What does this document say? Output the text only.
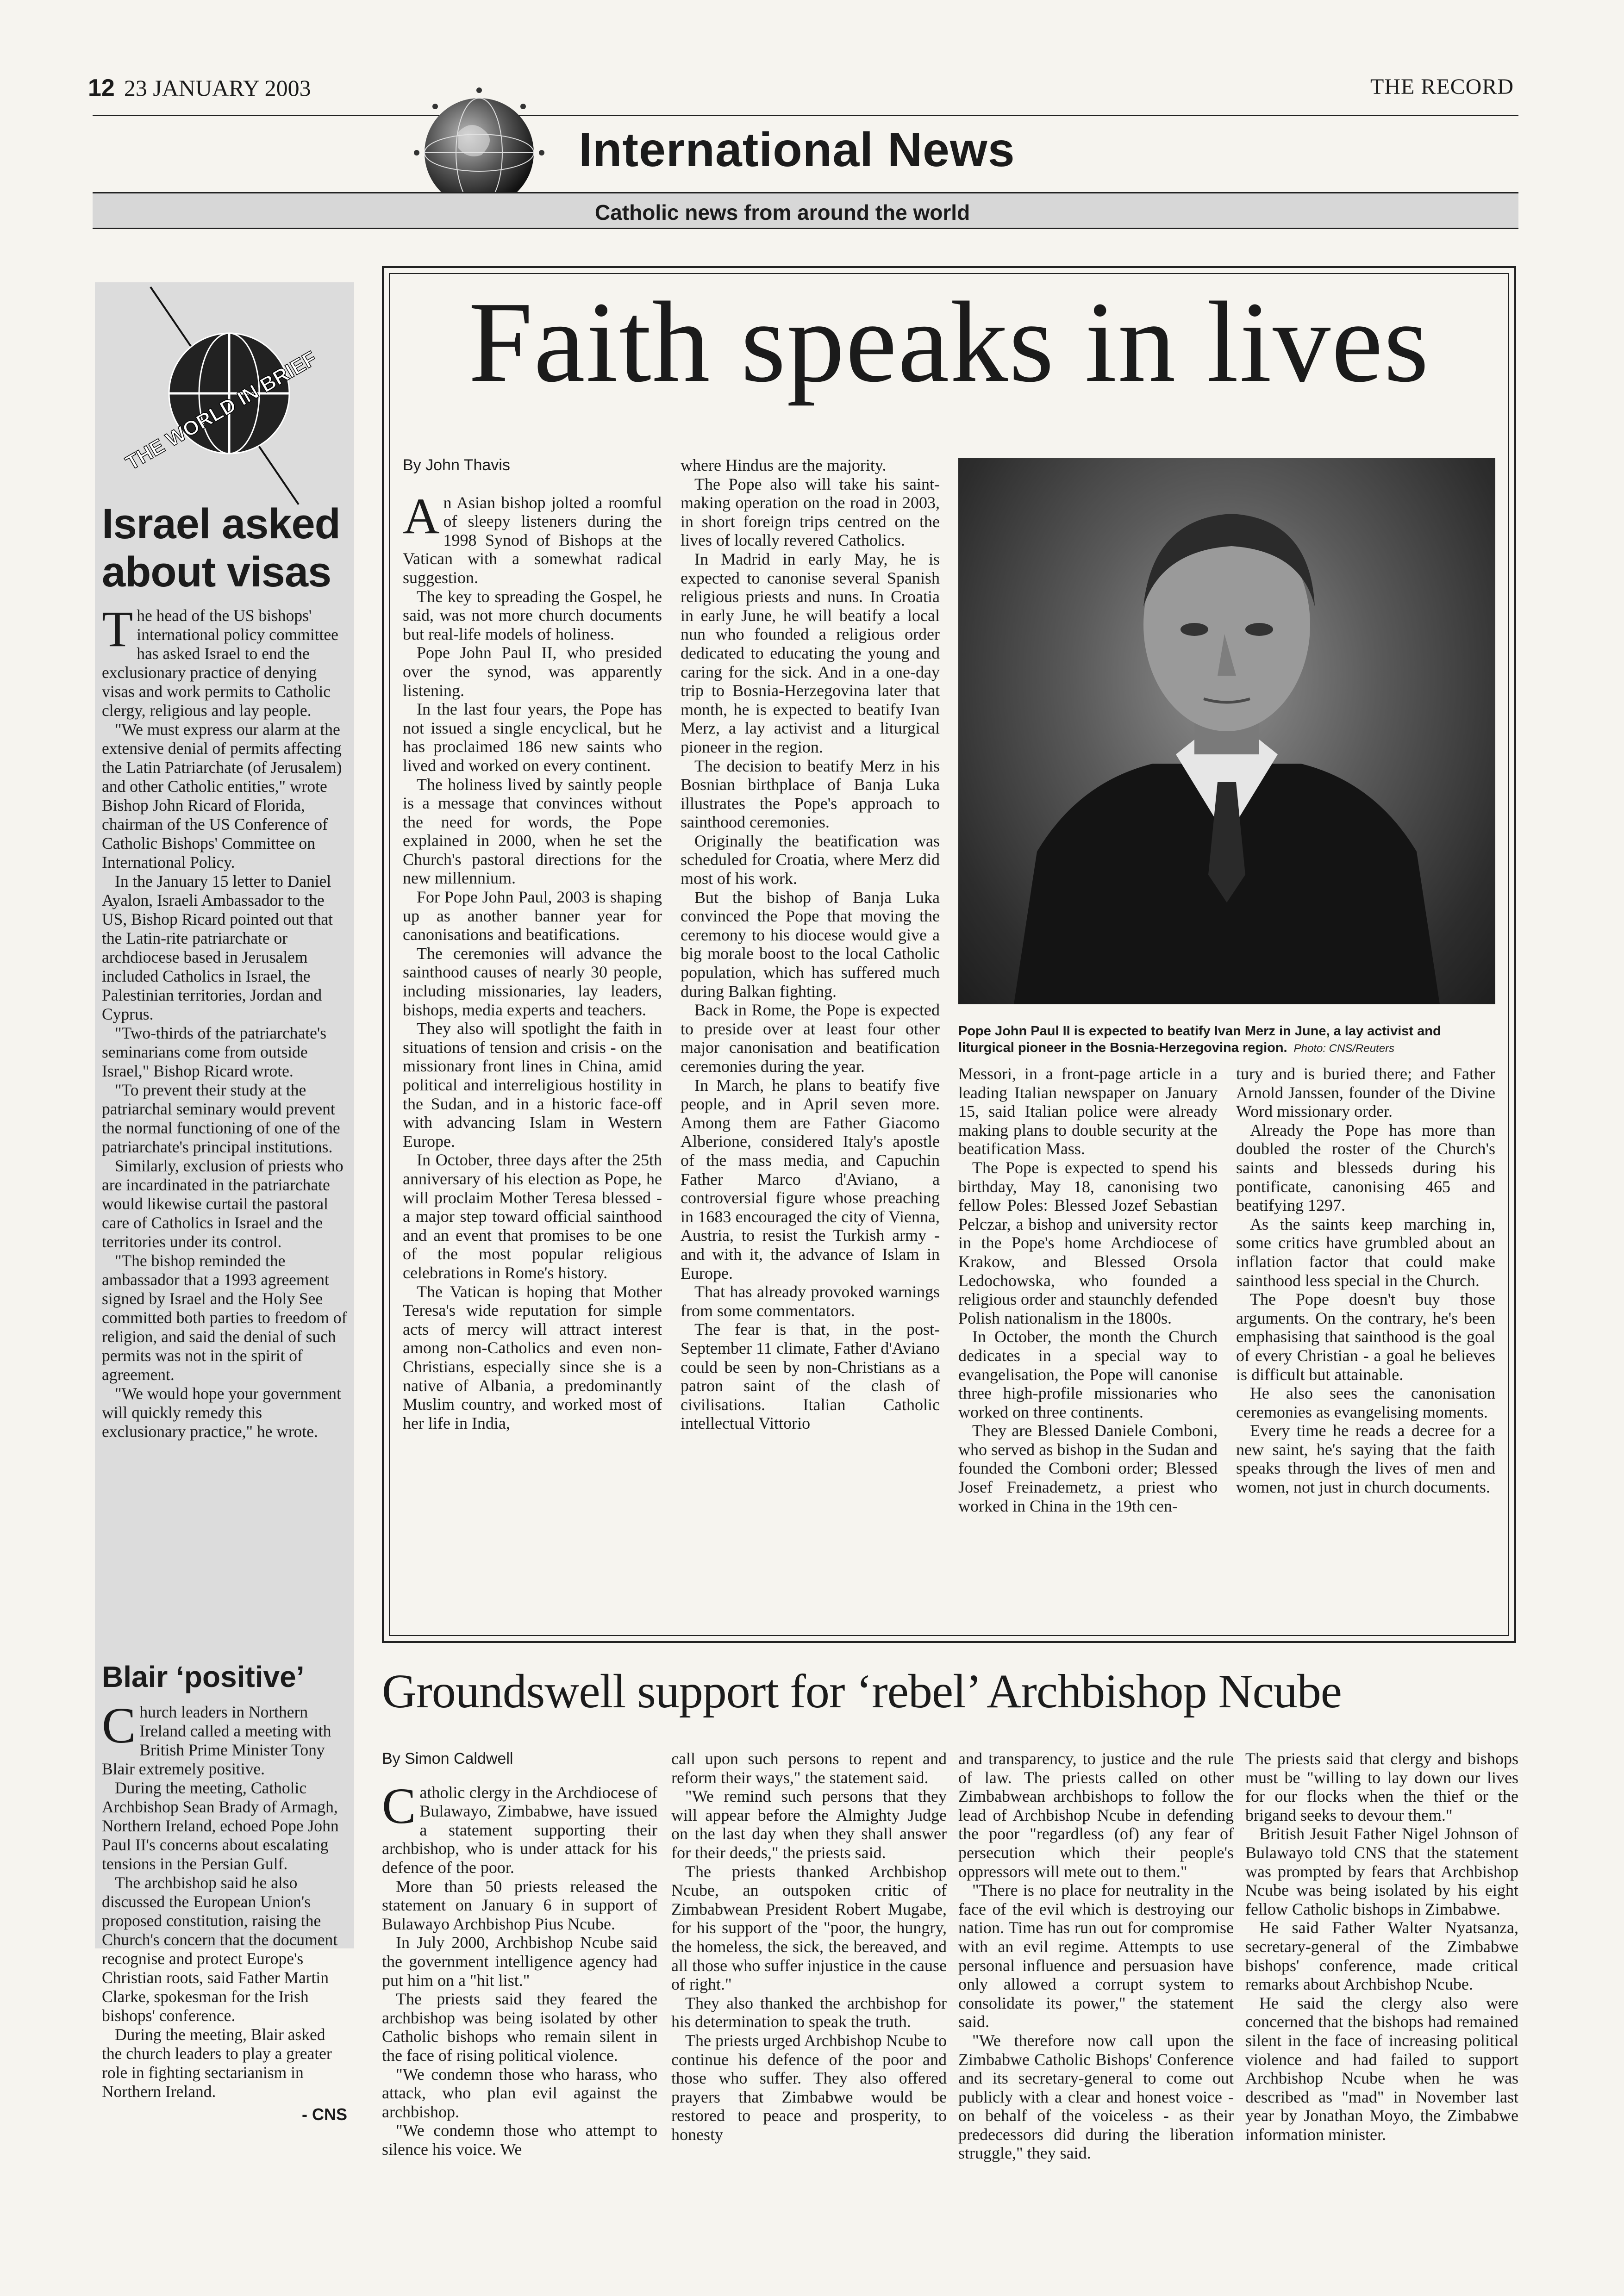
12 23 JANUARY 2003	THE RECORD
International News
Catholic news from around the world
THE WORLD IN BRIEF
Israel asked about visas

The head of the US bishops' international policy committee has asked Israel to end the exclusionary practice of denying visas and work permits to Catholic clergy, religious and lay people.

"We must express our alarm at the extensive denial of permits affecting the Latin Patriarchate (of Jerusalem) and other Catholic entities," wrote Bishop John Ricard of Florida, chairman of the US Conference of Catholic Bishops' Committee on International Policy.

In the January 15 letter to Daniel Ayalon, Israeli Ambassador to the US, Bishop Ricard pointed out that the Latin-rite patriarchate or archdiocese based in Jerusalem included Catholics in Israel, the Palestinian territories, Jordan and Cyprus.

"Two-thirds of the patriarchate's seminarians come from outside Israel," Bishop Ricard wrote.

"To prevent their study at the patriarchal seminary would prevent the normal functioning of one of the patriarchate's principal institutions.

Similarly, exclusion of priests who are incardinated in the patriarchate would likewise curtail the pastoral care of Catholics in Israel and the territories under its control.

"The bishop reminded the ambassador that a 1993 agreement signed by Israel and the Holy See committed both parties to freedom of religion, and said the denial of such permits was not in the spirit of agreement.

"We would hope your government will quickly remedy this exclusionary practice," he wrote.

Blair ‘positive’

Church leaders in Northern Ireland called a meeting with British Prime Minister Tony Blair extremely positive.

During the meeting, Catholic Archbishop Sean Brady of Armagh, Northern Ireland, echoed Pope John Paul II's concerns about escalating tensions in the Persian Gulf.

The archbishop said he also discussed the European Union's proposed constitution, raising the Church's concern that the document recognise and protect Europe's Christian roots, said Father Martin Clarke, spokesman for the Irish bishops' conference.

During the meeting, Blair asked the church leaders to play a greater role in fighting sectarianism in Northern Ireland.

- CNS
Faith speaks in lives
By John Thavis

An Asian bishop jolted a roomful of sleepy listeners during the 1998 Synod of Bishops at the Vatican with a somewhat radical suggestion.

The key to spreading the Gospel, he said, was not more church documents but real-life models of holiness.

Pope John Paul II, who presided over the synod, was apparently listening.

In the last four years, the Pope has not issued a single encyclical, but he has proclaimed 186 new saints who lived and worked on every continent.

The holiness lived by saintly people is a message that convinces without the need for words, the Pope explained in 2000, when he set the Church's pastoral directions for the new millennium.

For Pope John Paul, 2003 is shaping up as another banner year for canonisations and beatifications.

The ceremonies will advance the sainthood causes of nearly 30 people, including missionaries, lay leaders, bishops, media experts and teachers.

They also will spotlight the faith in situations of tension and crisis - on the missionary front lines in China, amid political and interreligious hostility in the Sudan, and in a historic face-off with advancing Islam in Western Europe.

In October, three days after the 25th anniversary of his election as Pope, he will proclaim Mother Teresa blessed - a major step toward official sainthood and an event that promises to be one of the most popular religious celebrations in Rome's history.

The Vatican is hoping that Mother Teresa's wide reputation for simple acts of mercy will attract interest among non-Catholics and even non-Christians, especially since she is a native of Albania, a predominantly Muslim country, and worked most of her life in India,

where Hindus are the majority.

The Pope also will take his saint-making operation on the road in 2003, in short foreign trips centred on the lives of locally revered Catholics.

In Madrid in early May, he is expected to canonise several Spanish religious priests and nuns. In Croatia in early June, he will beatify a local nun who founded a religious order dedicated to educating the young and caring for the sick. And in a one-day trip to Bosnia-Herzegovina later that month, he is expected to beatify Ivan Merz, a lay activist and a liturgical pioneer in the region.

The decision to beatify Merz in his Bosnian birthplace of Banja Luka illustrates the Pope's approach to sainthood ceremonies.

Originally the beatification was scheduled for Croatia, where Merz did most of his work.

But the bishop of Banja Luka convinced the Pope that moving the ceremony to his diocese would give a big morale boost to the local Catholic population, which has suffered much during Balkan fighting.

Back in Rome, the Pope is expected to preside over at least four other major canonisation and beatification ceremonies during the year.

In March, he plans to beatify five people, and in April seven more. Among them are Father Giacomo Alberione, considered Italy's apostle of the mass media, and Capuchin Father Marco d'Aviano, a controversial figure whose preaching in 1683 encouraged the city of Vienna, Austria, to resist the Turkish army - and with it, the advance of Islam in Europe.

That has already provoked warnings from some commentators.

The fear is that, in the post-September 11 climate, Father d'Aviano could be seen by non-Christians as a patron saint of the clash of civilisations. Italian Catholic intellectual Vittorio

Pope John Paul II is expected to beatify Ivan Merz in June, a lay activist and liturgical pioneer in the Bosnia-Herzegovina region. Photo: CNS/Reuters

Messori, in a front-page article in a leading Italian newspaper on January 15, said Italian police were already making plans to double security at the beatification Mass.

The Pope is expected to spend his birthday, May 18, canonising two fellow Poles: Blessed Jozef Sebastian Pelczar, a bishop and university rector in the Pope's home Archdiocese of Krakow, and Blessed Orsola Ledochowska, who founded a religious order and staunchly defended Polish nationalism in the 1800s.

In October, the month the Church dedicates in a special way to evangelisation, the Pope will canonise three high-profile missionaries who worked on three continents.

They are Blessed Daniele Comboni, who served as bishop in the Sudan and founded the Comboni order; Blessed Josef Freinademetz, a priest who worked in China in the 19th cen-

tury and is buried there; and Father Arnold Janssen, founder of the Divine Word missionary order.

Already the Pope has more than doubled the roster of the Church's saints and blesseds during his pontificate, canonising 465 and beatifying 1297.

As the saints keep marching in, some critics have grumbled about an inflation factor that could make sainthood less special in the Church.

The Pope doesn't buy those arguments. On the contrary, he's been emphasising that sainthood is the goal of every Christian - a goal he believes is difficult but attainable.

He also sees the canonisation ceremonies as evangelising moments.

Every time he reads a decree for a new saint, he's saying that the faith speaks through the lives of men and women, not just in church documents.

Groundswell support for ‘rebel’ Archbishop Ncube
By Simon Caldwell

Catholic clergy in the Archdiocese of Bulawayo, Zimbabwe, have issued a statement supporting their archbishop, who is under attack for his defence of the poor.

More than 50 priests released the statement on January 6 in support of Bulawayo Archbishop Pius Ncube.

In July 2000, Archbishop Ncube said the government intelligence agency had put him on a "hit list."

The priests said they feared the archbishop was being isolated by other Catholic bishops who remain silent in the face of rising political violence.

"We condemn those who harass, who attack, who plan evil against the archbishop.

"We condemn those who attempt to silence his voice. We

call upon such persons to repent and reform their ways," the statement said.

"We remind such persons that they will appear before the Almighty Judge on the last day when they shall answer for their deeds," the priests said.

The priests thanked Archbishop Ncube, an outspoken critic of Zimbabwean President Robert Mugabe, for his support of the "poor, the hungry, the homeless, the sick, the bereaved, and all those who suffer injustice in the cause of right."

They also thanked the archbishop for his determination to speak the truth.

The priests urged Archbishop Ncube to continue his defence of the poor and those who suffer. They also offered prayers that Zimbabwe would be restored to peace and prosperity, to honesty

and transparency, to justice and the rule of law. The priests called on other Zimbabwean archbishops to follow the lead of Archbishop Ncube in defending the poor "regardless (of) any fear of persecution which their people's oppressors will mete out to them."

"There is no place for neutrality in the face of the evil which is destroying our nation. Time has run out for compromise with an evil regime. Attempts to use personal influence and persuasion have only allowed a corrupt system to consolidate its power," the statement said.

"We therefore now call upon the Zimbabwe Catholic Bishops' Conference and its secretary-general to come out publicly with a clear and honest voice - on behalf of the voiceless - as their predecessors did during the liberation struggle," they said.

The priests said that clergy and bishops must be "willing to lay down our lives for our flocks when the thief or the brigand seeks to devour them."

British Jesuit Father Nigel Johnson of Bulawayo told CNS that the statement was prompted by fears that Archbishop Ncube was being isolated by his eight fellow Catholic bishops in Zimbabwe.

He said Father Walter Nyatsanza, secretary-general of the Zimbabwe bishops' conference, made critical remarks about Archbishop Ncube.

He said the clergy also were concerned that the bishops had remained silent in the face of increasing political violence and had failed to support Archbishop Ncube when he was described as "mad" in November last year by Jonathan Moyo, the Zimbabwe information minister.
